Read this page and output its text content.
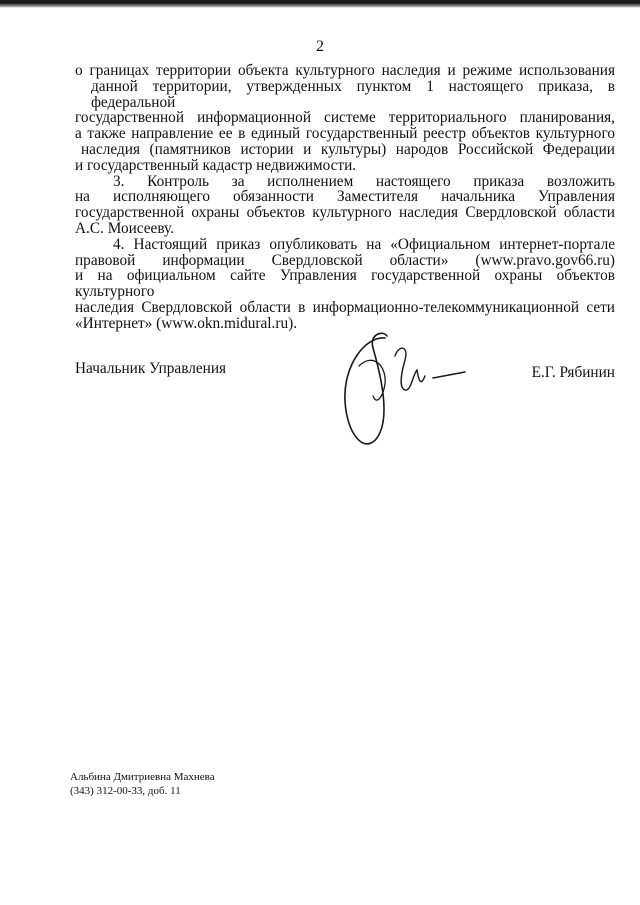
2

о границах территории объекта культурного наследия и режиме использования
данной территории, утвержденных пунктом 1 настоящего приказа, в федеральной
государственной информационной системе территориального планирования,
а также направление ее в единый государственный реестр объектов культурного
наследия (памятников истории и культуры) народов Российской Федерации
и государственный кадастр недвижимости.

3. Контроль за исполнением настоящего приказа возложить
на исполняющего обязанности Заместителя начальника Управления
государственной охраны объектов культурного наследия Свердловской области
А.С. Моисееву.

4. Настоящий приказ опубликовать на «Официальном интернет-портале
правовой информации Свердловской области» (www.pravo.gov66.ru)
и на официальном сайте Управления государственной охраны объектов культурного
наследия Свердловской области в информационно-телекоммуникационной сети
«Интернет» (www.okn.midural.ru).

Начальник Управления	Е.Г. Рябинин
Альбина Дмитриевна Махнева
(343) 312-00-33, доб. 11
